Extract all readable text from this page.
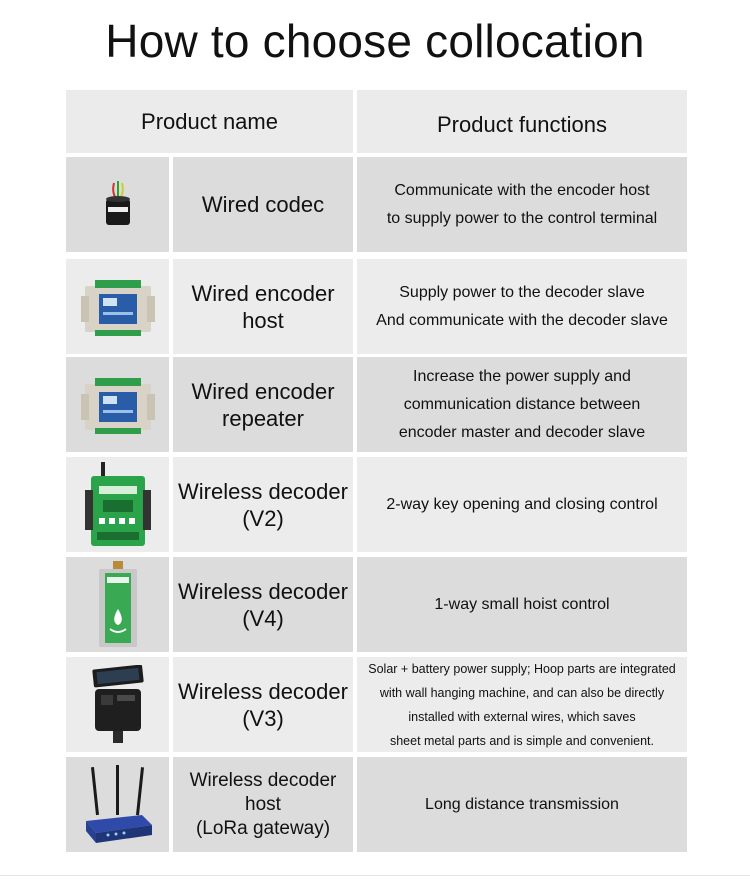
How to choose collocation
Product name	Product functions
Wired codec
Communicate with the encoder host
to supply power to the control terminal
Wired encoder
host
Supply power to the decoder slave
And communicate with the decoder slave
Wired encoder
repeater
Increase the power supply and
communication distance between
encoder master and decoder slave
Wireless decoder
(V2)
2-way key opening and closing control
Wireless decoder
(V4)
1-way small hoist control
Wireless decoder
(V3)
Solar + battery power supply; Hoop parts are integrated
with wall hanging machine, and can also be directly
installed with external wires, which saves
sheet metal parts and is simple and convenient.
Wireless decoder host
(LoRa gateway)
Long distance transmission
